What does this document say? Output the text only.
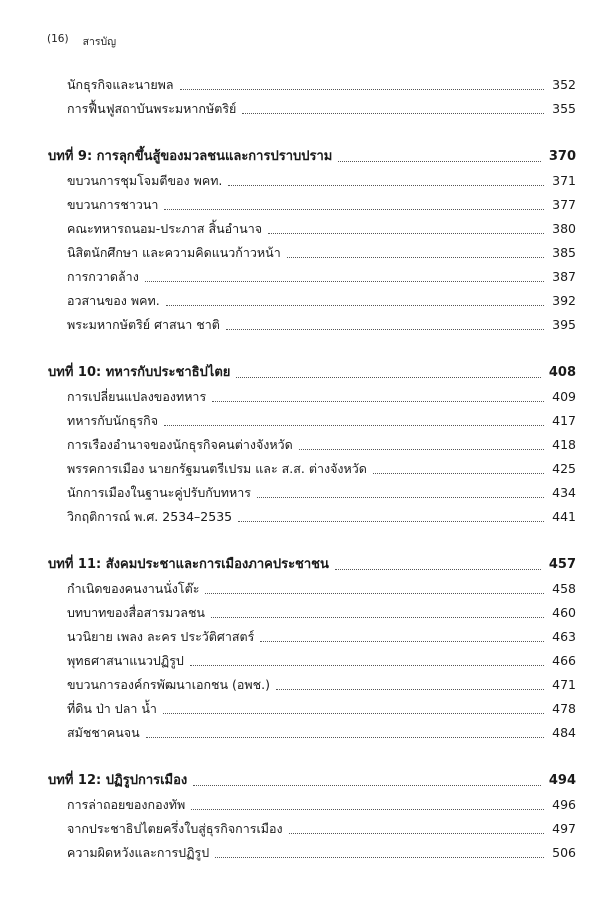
(16) สารบัญ
นักธุรกิจและนายพล	352
การฟื้นฟูสถาบันพระมหากษัตริย์	355
บทที่ 9: การลุกขึ้นสู้ของมวลชนและการปราบปราม	370
ขบวนการชุมโจมตีของ พคท.	371
ขบวนการชาวนา	377
คณะทหารถนอม-ประภาส สิ้นอำนาจ	380
นิสิตนักศึกษา และความคิดแนวก้าวหน้า	385
การกวาดล้าง	387
อวสานของ พคท.	392
พระมหากษัตริย์ ศาสนา ชาติ	395
บทที่ 10: ทหารกับประชาธิปไตย	408
การเปลี่ยนแปลงของทหาร	409
ทหารกับนักธุรกิจ	417
การเรืองอำนาจของนักธุรกิจคนต่างจังหวัด	418
พรรคการเมือง นายกรัฐมนตรีเปรม และ ส.ส. ต่างจังหวัด	425
นักการเมืองในฐานะคู่ปรับกับทหาร	434
วิกฤติการณ์ พ.ศ. 2534–2535	441
บทที่ 11: สังคมประชาและการเมืองภาคประชาชน	457
กำเนิดของคนงานนั่งโต๊ะ	458
บทบาทของสื่อสารมวลชน	460
นวนิยาย เพลง ละคร ประวัติศาสตร์	463
พุทธศาสนาแนวปฏิรูป	466
ขบวนการองค์กรพัฒนาเอกชน (อพช.)	471
ที่ดิน ป่า ปลา น้ำ	478
สมัชชาคนจน	484
บทที่ 12: ปฏิรูปการเมือง	494
การล่าถอยของกองทัพ	496
จากประชาธิปไตยครึ่งใบสู่ธุรกิจการเมือง	497
ความผิดหวังและการปฏิรูป	506
